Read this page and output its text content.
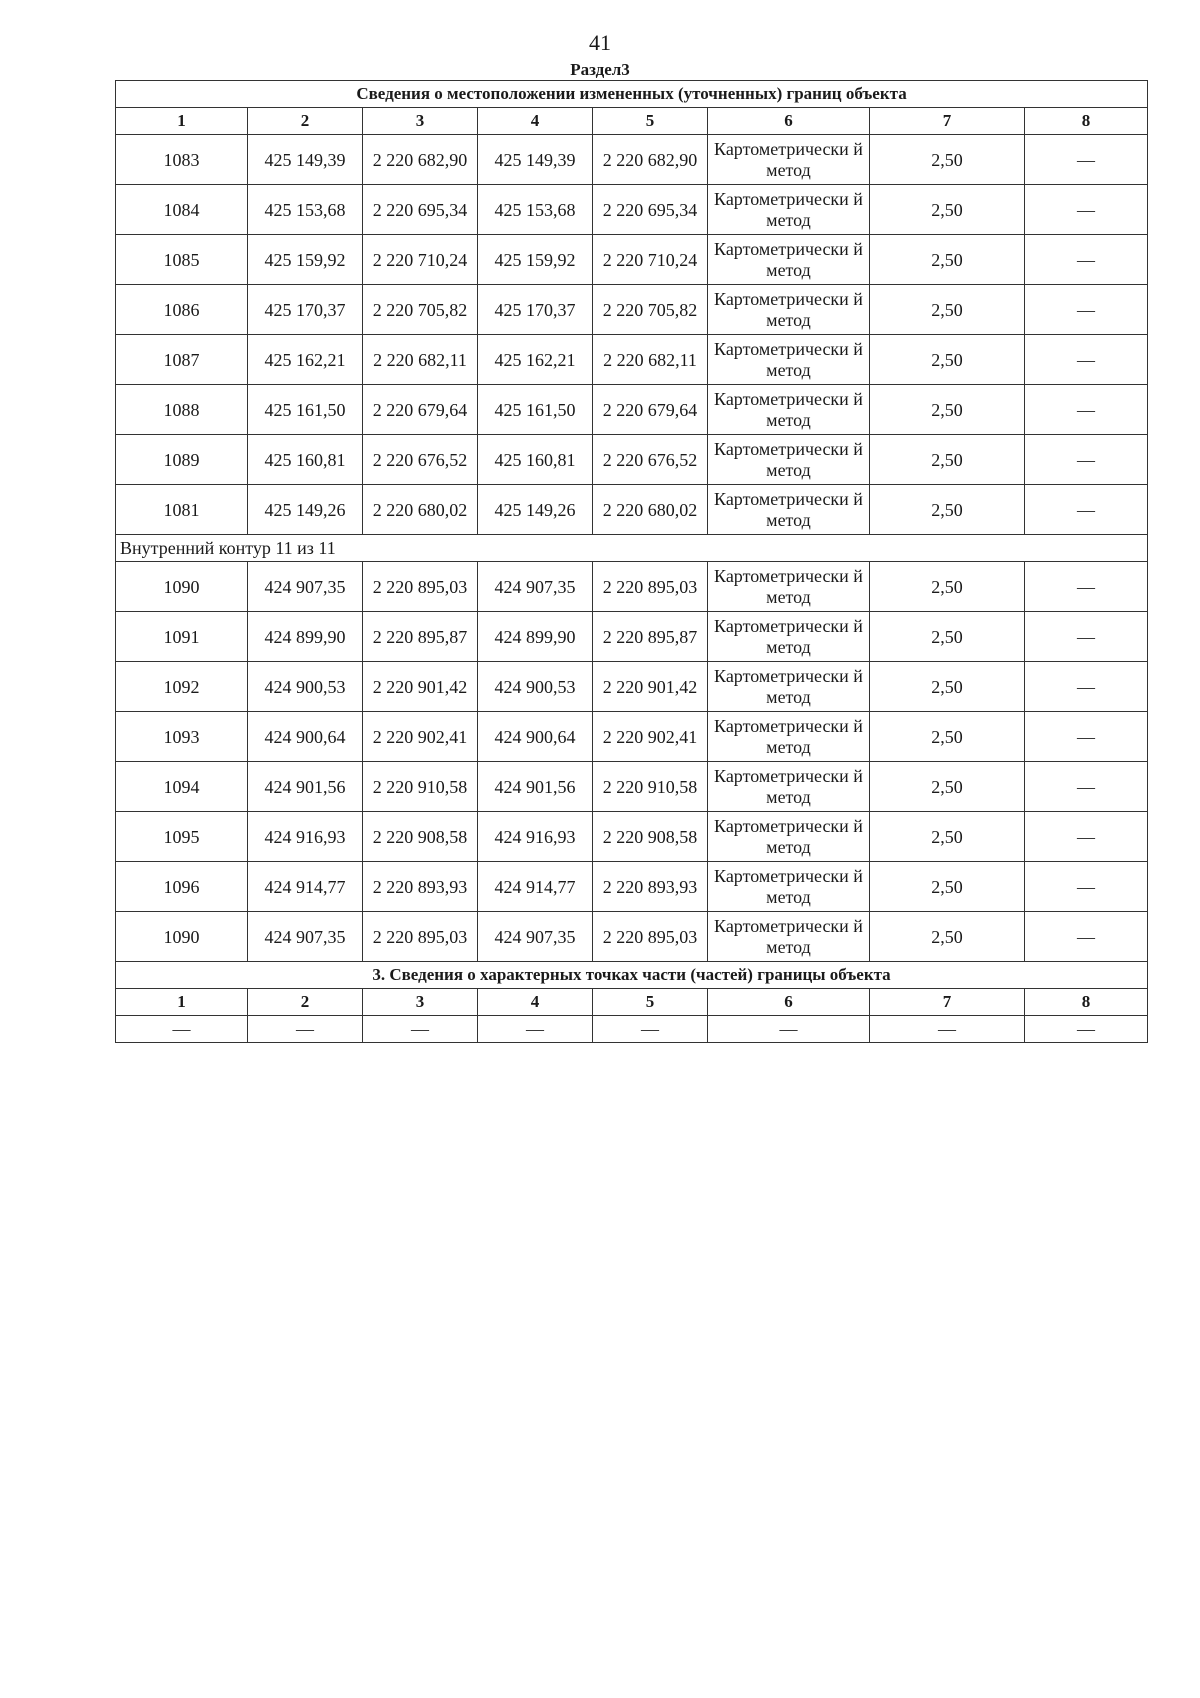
41
Раздел3
Сведения о местоположении измененных (уточненных) границ объекта							
1	2	3	4	5	6	7	8
1083	425 149,39	2 220 682,90	425 149,39	2 220 682,90	Картометрически й метод	2,50	—
1084	425 153,68	2 220 695,34	425 153,68	2 220 695,34	Картометрически й метод	2,50	—
1085	425 159,92	2 220 710,24	425 159,92	2 220 710,24	Картометрически й метод	2,50	—
1086	425 170,37	2 220 705,82	425 170,37	2 220 705,82	Картометрически й метод	2,50	—
1087	425 162,21	2 220 682,11	425 162,21	2 220 682,11	Картометрически й метод	2,50	—
1088	425 161,50	2 220 679,64	425 161,50	2 220 679,64	Картометрически й метод	2,50	—
1089	425 160,81	2 220 676,52	425 160,81	2 220 676,52	Картометрически й метод	2,50	—
1081	425 149,26	2 220 680,02	425 149,26	2 220 680,02	Картометрически й метод	2,50	—
Внутренний контур 11 из 11							
1090	424 907,35	2 220 895,03	424 907,35	2 220 895,03	Картометрически й метод	2,50	—
1091	424 899,90	2 220 895,87	424 899,90	2 220 895,87	Картометрически й метод	2,50	—
1092	424 900,53	2 220 901,42	424 900,53	2 220 901,42	Картометрически й метод	2,50	—
1093	424 900,64	2 220 902,41	424 900,64	2 220 902,41	Картометрически й метод	2,50	—
1094	424 901,56	2 220 910,58	424 901,56	2 220 910,58	Картометрически й метод	2,50	—
1095	424 916,93	2 220 908,58	424 916,93	2 220 908,58	Картометрически й метод	2,50	—
1096	424 914,77	2 220 893,93	424 914,77	2 220 893,93	Картометрически й метод	2,50	—
1090	424 907,35	2 220 895,03	424 907,35	2 220 895,03	Картометрически й метод	2,50	—
3. Сведения о характерных точках части (частей) границы объекта							
1	2	3	4	5	6	7	8
—	—	—	—	—	—	—	—
